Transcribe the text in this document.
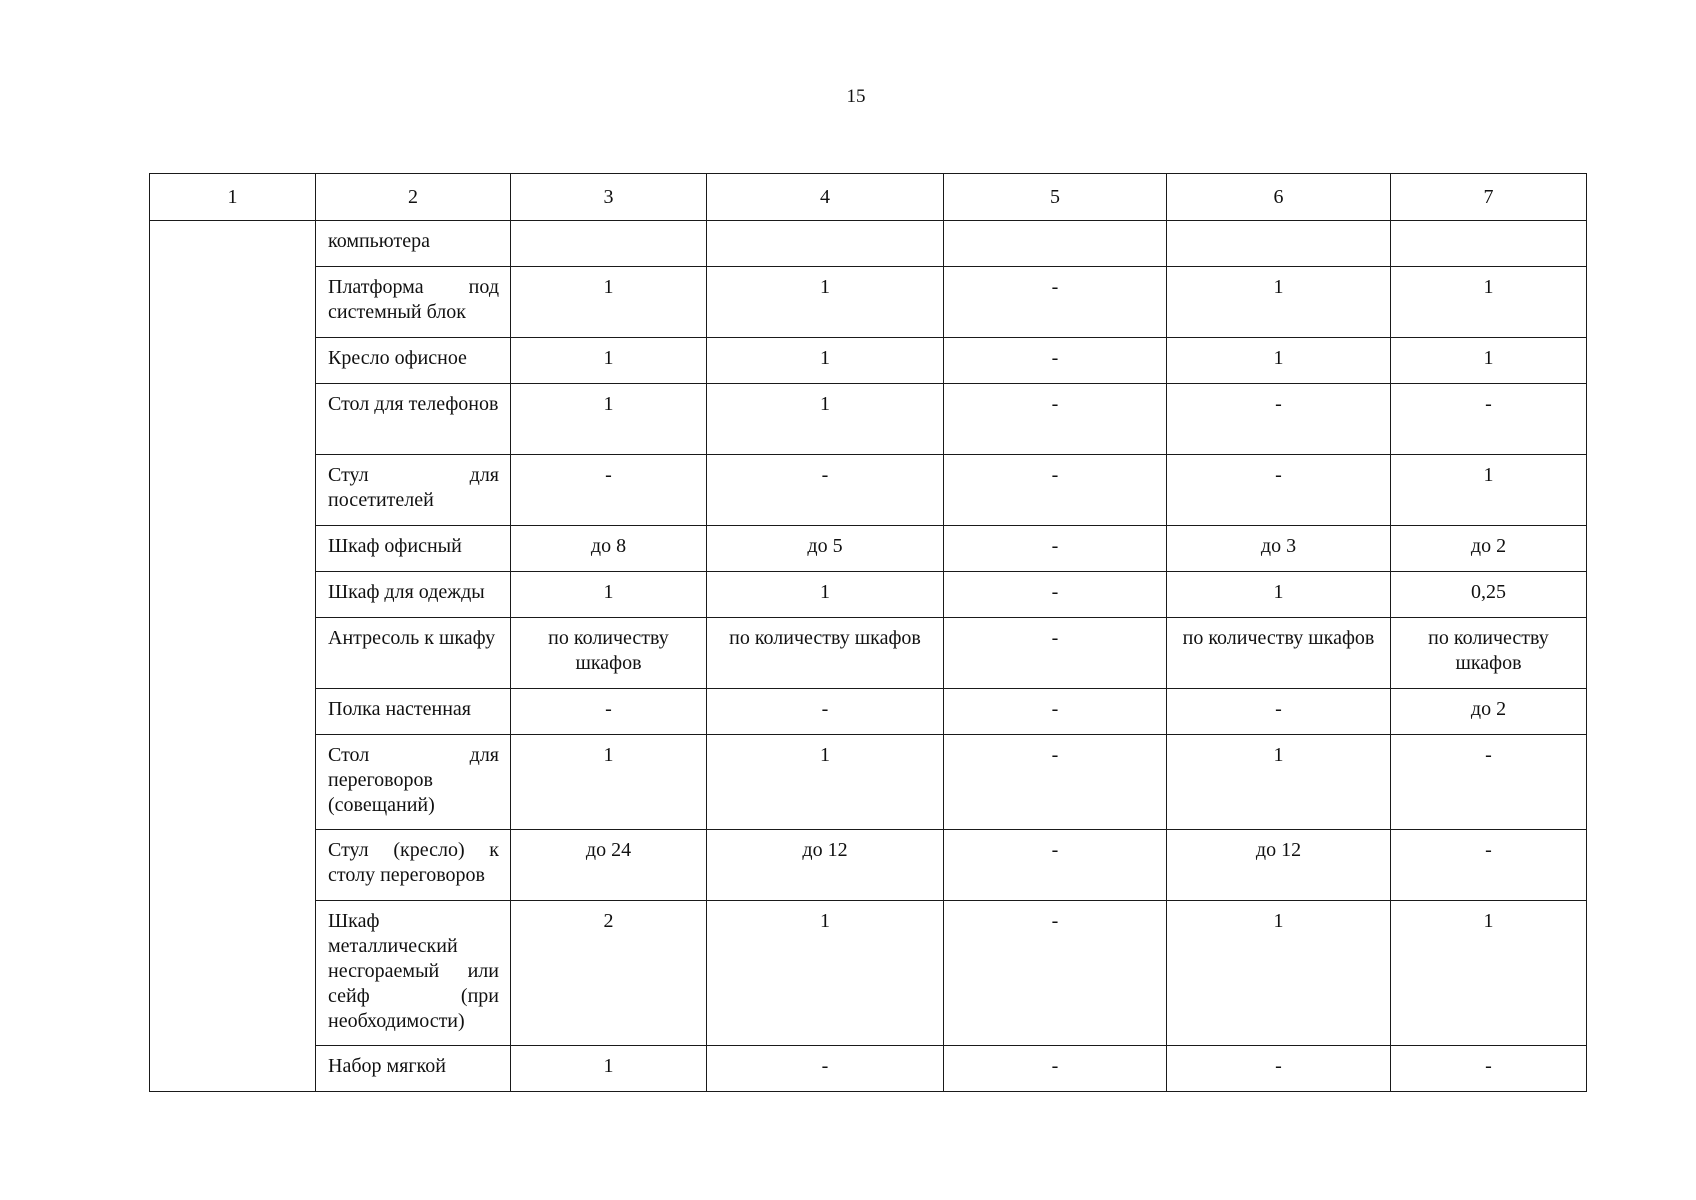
15
1	2	3	4	5	6	7
	компьютера					
	Платформа под системный блок	1	1	-	1	1
	Кресло офисное	1	1	-	1	1
	Стол для телефонов	1	1	-	-	-
	Стул для посетителей	-	-	-	-	1
	Шкаф офисный	до 8	до 5	-	до 3	до 2
	Шкаф для одежды	1	1	-	1	0,25
	Антресоль к шкафу	по количеству шкафов	по количеству шкафов	-	по количеству шкафов	по количеству шкафов
	Полка настенная	-	-	-	-	до 2
	Стол для переговоров (совещаний)	1	1	-	1	-
	Стул (кресло) к столу переговоров	до 24	до 12	-	до 12	-
	Шкаф металлический несгораемый или сейф (при необходимости)	2	1	-	1	1
	Набор мягкой	1	-	-	-	-
